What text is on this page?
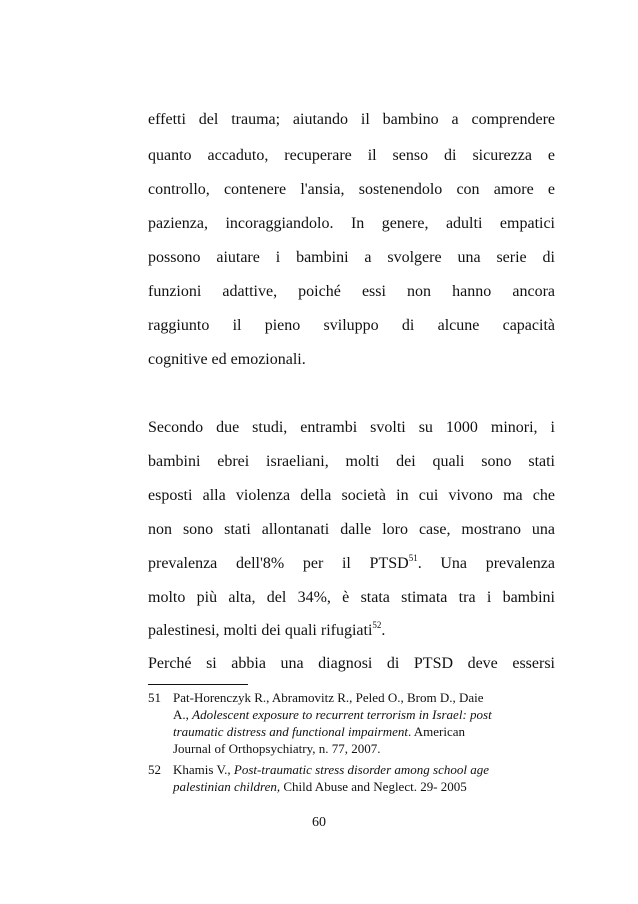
effetti del trauma; aiutando il bambino a comprendere
quanto accaduto, recuperare il senso di sicurezza e
controllo, contenere l'ansia, sostenendolo con amore e
pazienza, incoraggiandolo. In genere, adulti empatici
possono aiutare i bambini a svolgere una serie di
funzioni adattive, poiché essi non hanno ancora
raggiunto il pieno sviluppo di alcune capacità
cognitive ed emozionali.
Secondo due studi, entrambi svolti su 1000 minori, i
bambini ebrei israeliani, molti dei quali sono stati
esposti alla violenza della società in cui vivono ma che
non sono stati allontanati dalle loro case, mostrano una
prevalenza dell'8% per il PTSD$^{51}$. Una prevalenza
molto più alta, del 34%, è stata stimata tra i bambini
palestinesi, molti dei quali rifugiati$^{52}$.
Perché si abbia una diagnosi di PTSD deve essersi
51 Pat-Horenczyk R., Abramovitz R., Peled O., Brom D., Daie
A., Adolescent exposure to recurrent terrorism in Israel: post
traumatic distress and functional impairment. American
Journal of Orthopsychiatry, n. 77, 2007.
52 Khamis V., Post-traumatic stress disorder among school age
palestinian children, Child Abuse and Neglect. 29- 2005
60
